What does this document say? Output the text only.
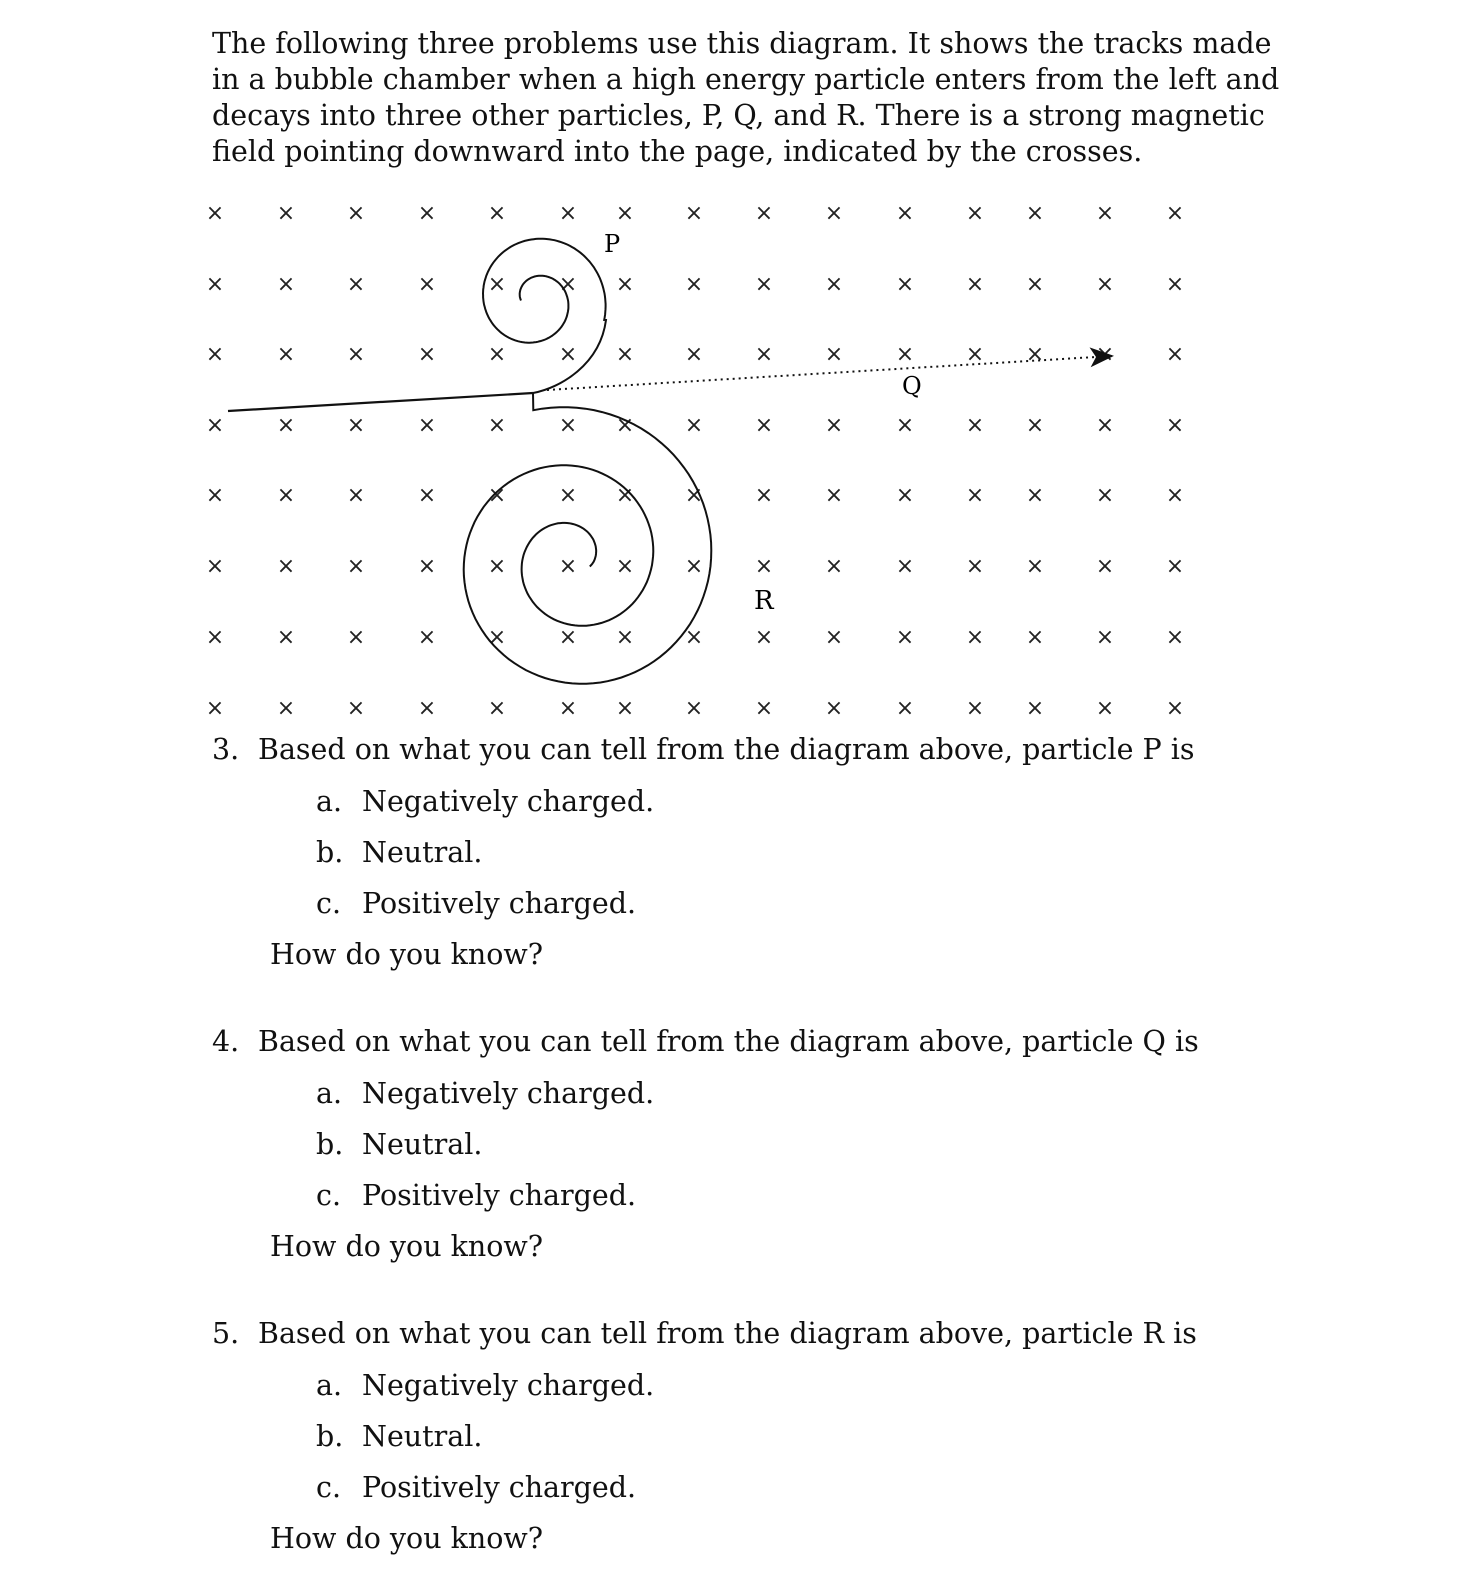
The following three problems use this diagram. It shows the tracks made in a bubble chamber when a high energy particle enters from the left and decays into three other particles, P, Q, and R. There is a strong magnetic field pointing downward into the page, indicated by the crosses.

× × × × × × × × × × × × × × ×
× × × × × × × × × × × × × × ×
× × × × × × × × × × × × × × ×
× × × × × × × × × × × × × × ×
× × × × × × × × × × × × × × ×
× × × × × × × × × × × × × × ×
× × × × × × × × × × × × × × ×
× × × × × × × × × × × × × × ×
P
Q
R
3. Based on what you can tell from the diagram above, particle P is
a. Negatively charged.
b. Neutral.
c. Positively charged.
How do you know?
4. Based on what you can tell from the diagram above, particle Q is
a. Negatively charged.
b. Neutral.
c. Positively charged.
How do you know?
5. Based on what you can tell from the diagram above, particle R is
a. Negatively charged.
b. Neutral.
c. Positively charged.
How do you know?
